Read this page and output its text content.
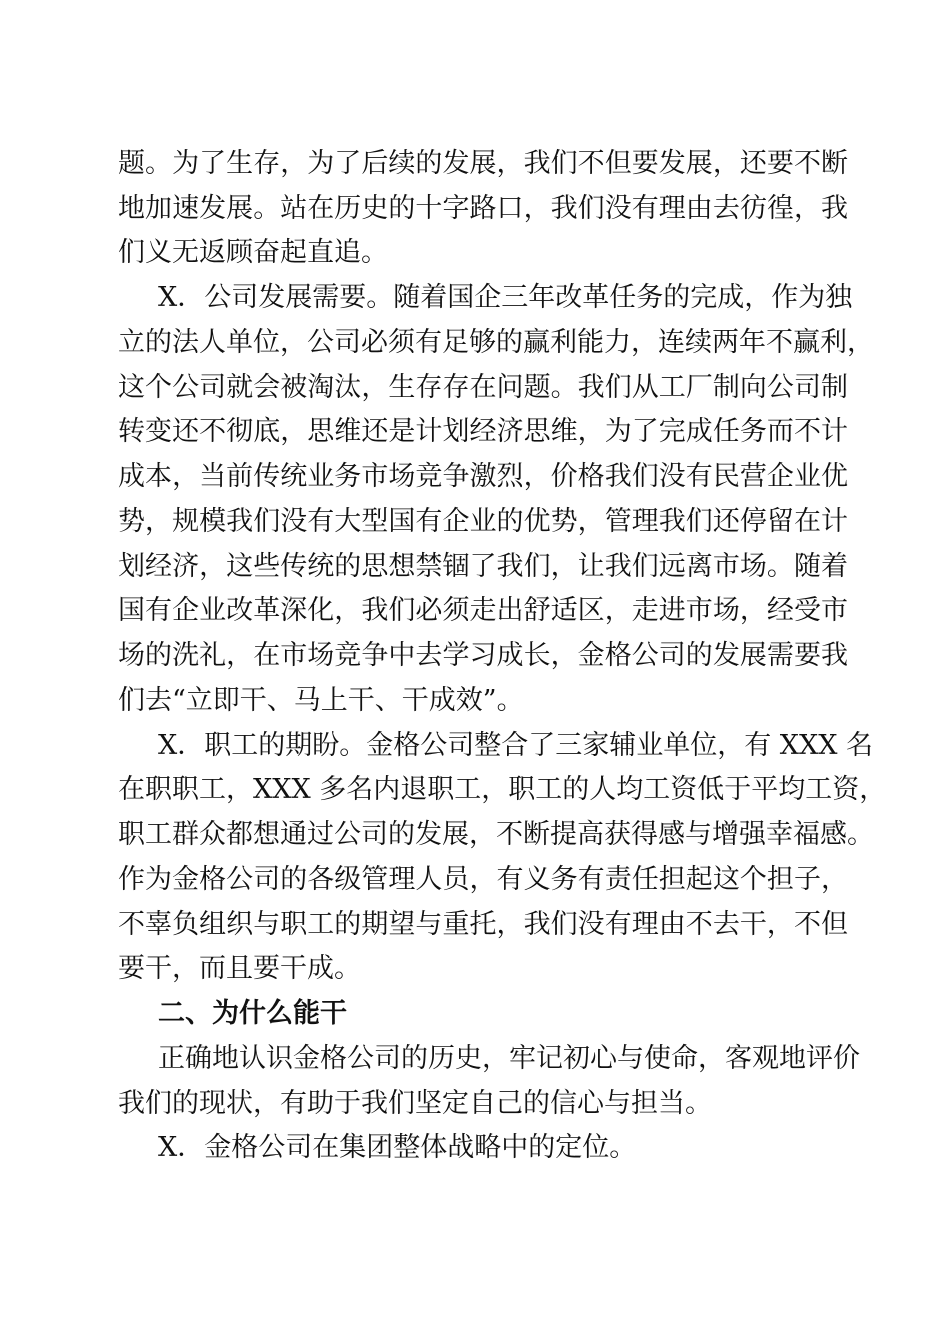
题。为了生存，为了后续的发展，我们不但要发展，还要不断
地加速发展。站在历史的十字路口，我们没有理由去彷徨，我
们义无返顾奋起直追。
X．公司发展需要。随着国企三年改革任务的完成，作为独
立的法人单位，公司必须有足够的赢利能力，连续两年不赢利，
这个公司就会被淘汰，生存存在问题。我们从工厂制向公司制
转变还不彻底，思维还是计划经济思维，为了完成任务而不计
成本，当前传统业务市场竞争激烈，价格我们没有民营企业优
势，规模我们没有大型国有企业的优势，管理我们还停留在计
划经济，这些传统的思想禁锢了我们，让我们远离市场。随着
国有企业改革深化，我们必须走出舒适区，走进市场，经受市
场的洗礼，在市场竞争中去学习成长，金格公司的发展需要我
们去“立即干、马上干、干成效”。
X．职工的期盼。金格公司整合了三家辅业单位，有 XXX 名
在职职工，XXX 多名内退职工，职工的人均工资低于平均工资，
职工群众都想通过公司的发展，不断提高获得感与增强幸福感。
作为金格公司的各级管理人员，有义务有责任担起这个担子，
不辜负组织与职工的期望与重托，我们没有理由不去干，不但
要干，而且要干成。
二、为什么能干
正确地认识金格公司的历史，牢记初心与使命，客观地评价
我们的现状，有助于我们坚定自己的信心与担当。
X．金格公司在集团整体战略中的定位。
